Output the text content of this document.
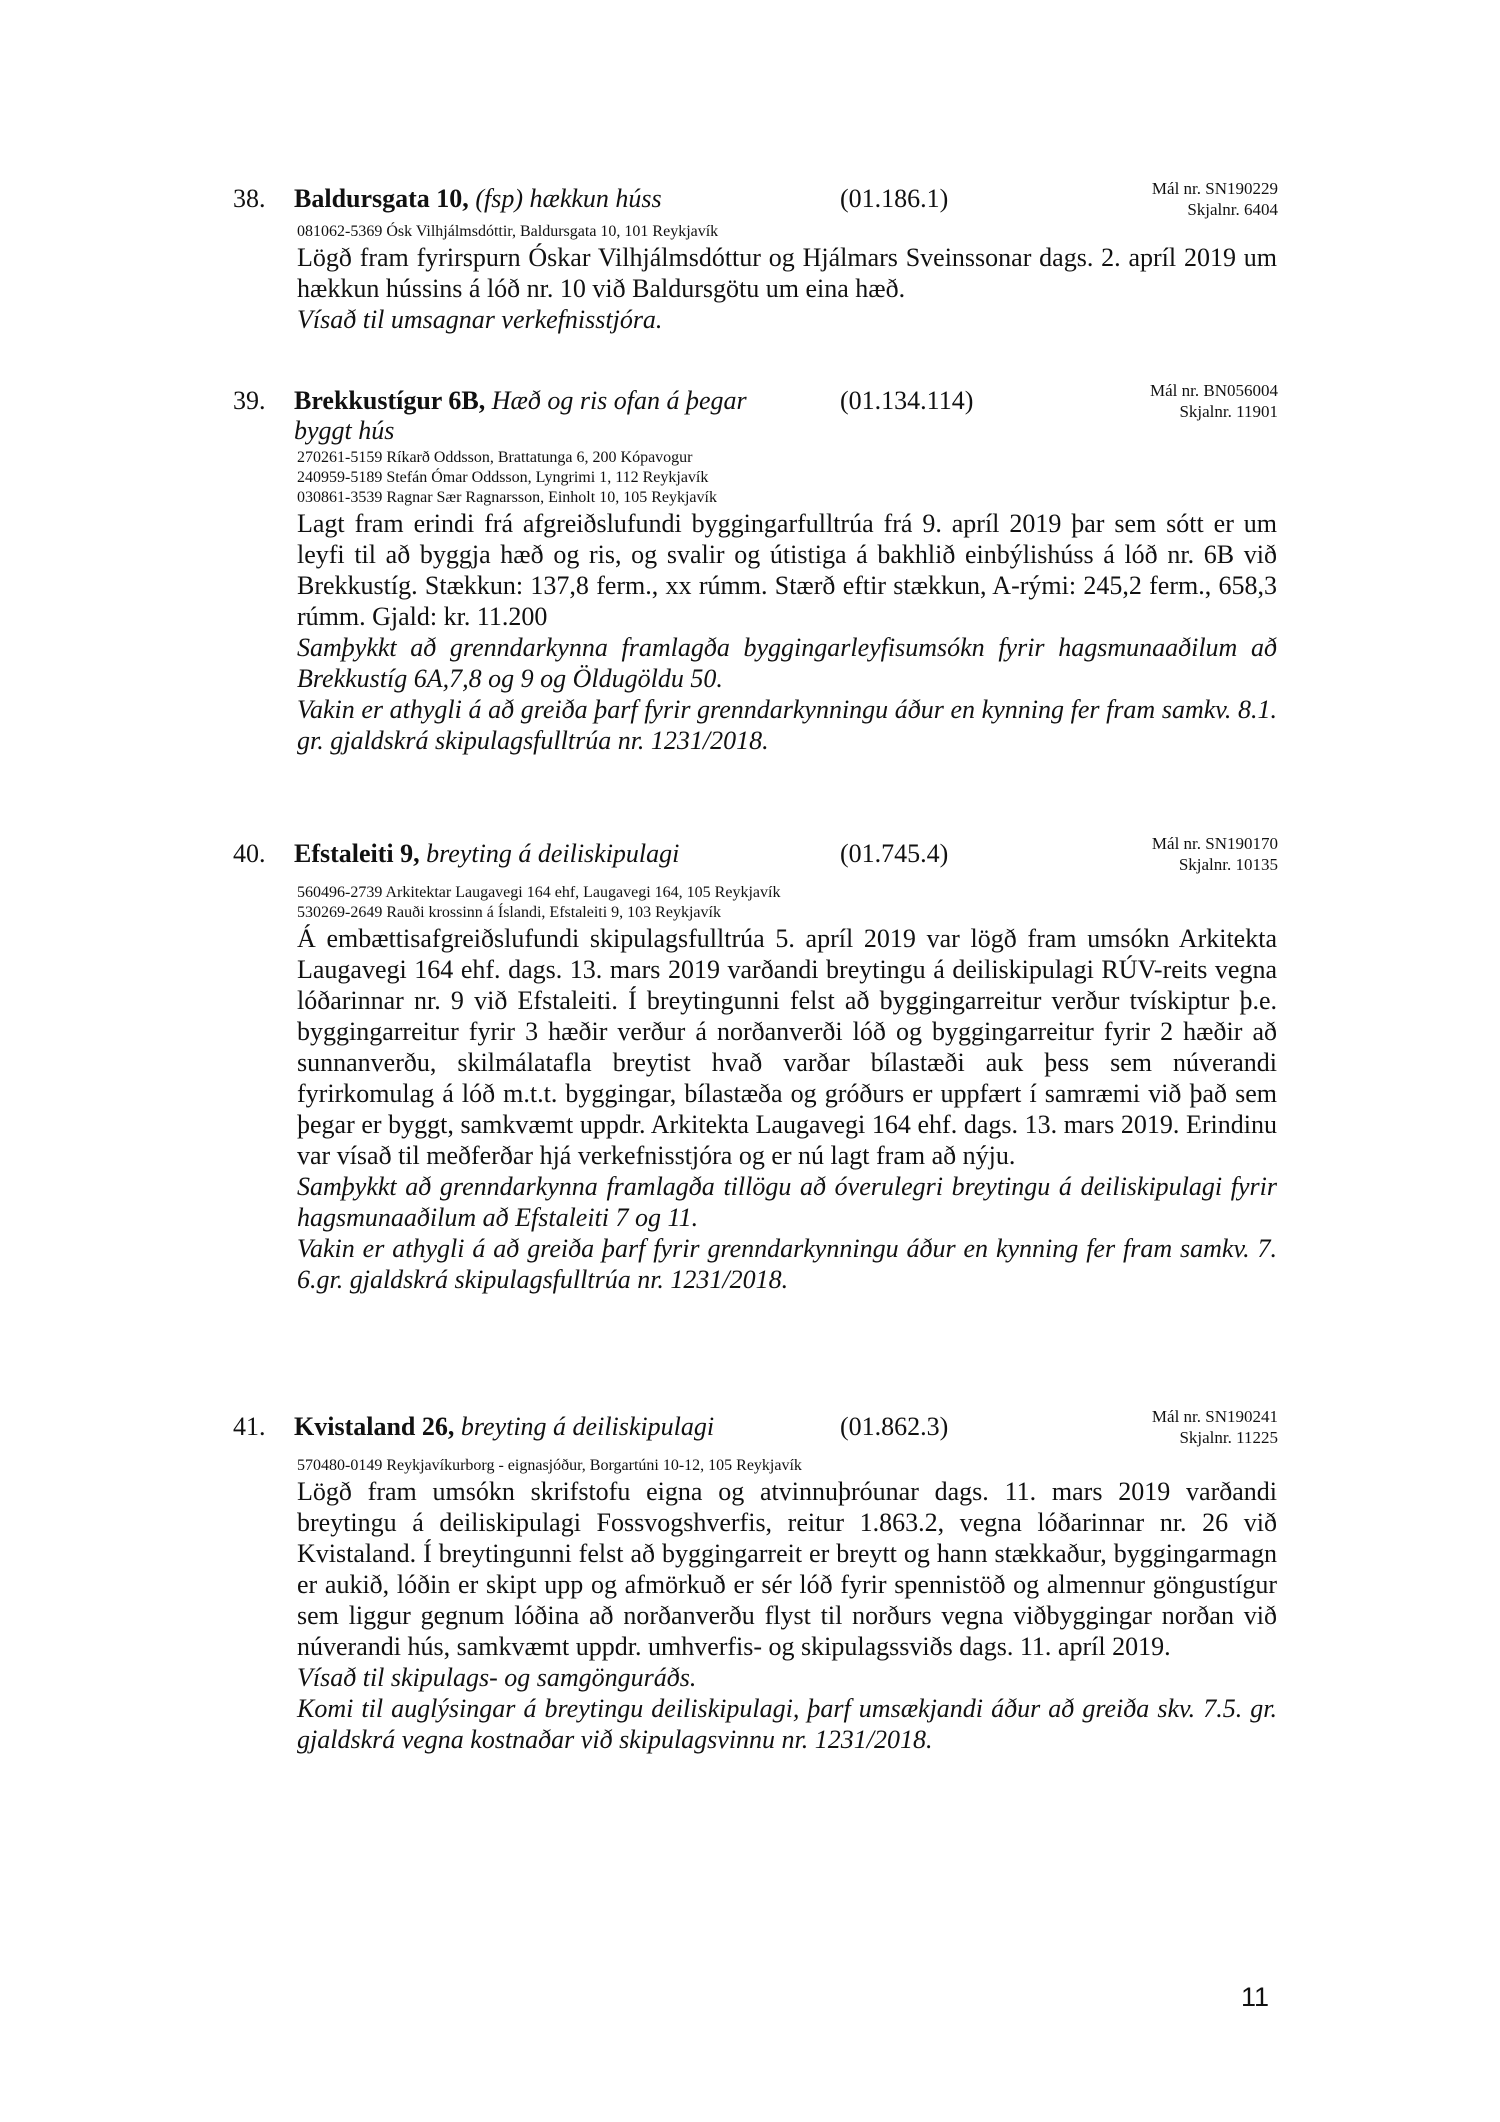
38. Baldursgata 10, (fsp) hækkun húss	(01.186.1)	Mál nr. SN190229
Skjalnr. 6404
081062-5369 Ósk Vilhjálmsdóttir, Baldursgata 10, 101 Reykjavík

Lögð fram fyrirspurn Óskar Vilhjálmsdóttur og Hjálmars Sveinssonar dags. 2. apríl 2019 um hækkun hússins á lóð nr. 10 við Baldursgötu um eina hæð.

Vísað til umsagnar verkefnisstjóra.

39. Brekkustígur 6B, Hæð og ris ofan á þegar byggt hús
(01.134.114)	Mál nr. BN056004
Skjalnr. 11901
270261-5159 Ríkarð Oddsson, Brattatunga 6, 200 Kópavogur
240959-5189 Stefán Ómar Oddsson, Lyngrimi 1, 112 Reykjavík
030861-3539 Ragnar Sær Ragnarsson, Einholt 10, 105 Reykjavík

Lagt fram erindi frá afgreiðslufundi byggingarfulltrúa frá 9. apríl 2019 þar sem sótt er um leyfi til að byggja hæð og ris, og svalir og útistiga á bakhlið einbýlishúss á lóð nr. 6B við Brekkustíg. Stækkun: 137,8 ferm., xx rúmm. Stærð eftir stækkun, A-rými: 245,2 ferm., 658,3 rúmm. Gjald: kr. 11.200

Samþykkt að grenndarkynna framlagða byggingarleyfisumsókn fyrir hagsmunaaðilum að Brekkustíg 6A,7,8 og 9 og Öldugöldu 50.

Vakin er athygli á að greiða þarf fyrir grenndarkynningu áður en kynning fer fram samkv. 8.1. gr. gjaldskrá skipulagsfulltrúa nr. 1231/2018.

40. Efstaleiti 9, breyting á deiliskipulagi	(01.745.4)	Mál nr. SN190170
Skjalnr. 10135
560496-2739 Arkitektar Laugavegi 164 ehf, Laugavegi 164, 105 Reykjavík
530269-2649 Rauði krossinn á Íslandi, Efstaleiti 9, 103 Reykjavík

Á embættisafgreiðslufundi skipulagsfulltrúa 5. apríl 2019 var lögð fram umsókn Arkitekta Laugavegi 164 ehf. dags. 13. mars 2019 varðandi breytingu á deiliskipulagi RÚV-reits vegna lóðarinnar nr. 9 við Efstaleiti. Í breytingunni felst að byggingarreitur verður tvískiptur þ.e. byggingarreitur fyrir 3 hæðir verður á norðanverði lóð og byggingarreitur fyrir 2 hæðir að sunnanverðu, skilmálatafla breytist hvað varðar bílastæði auk þess sem núverandi fyrirkomulag á lóð m.t.t. byggingar, bílastæða og gróðurs er uppfært í samræmi við það sem þegar er byggt, samkvæmt uppdr. Arkitekta Laugavegi 164 ehf. dags. 13. mars 2019. Erindinu var vísað til meðferðar hjá verkefnisstjóra og er nú lagt fram að nýju.

Samþykkt að grenndarkynna framlagða tillögu að óverulegri breytingu á deiliskipulagi fyrir hagsmunaaðilum að Efstaleiti 7 og 11.

Vakin er athygli á að greiða þarf fyrir grenndarkynningu áður en kynning fer fram samkv. 7. 6.gr. gjaldskrá skipulagsfulltrúa nr. 1231/2018.

41. Kvistaland 26, breyting á deiliskipulagi	(01.862.3)	Mál nr. SN190241
Skjalnr. 11225
570480-0149 Reykjavíkurborg - eignasjóður, Borgartúni 10-12, 105 Reykjavík

Lögð fram umsókn skrifstofu eigna og atvinnuþróunar dags. 11. mars 2019 varðandi breytingu á deiliskipulagi Fossvogshverfis, reitur 1.863.2, vegna lóðarinnar nr. 26 við Kvistaland. Í breytingunni felst að byggingarreit er breytt og hann stækkaður, byggingarmagn er aukið, lóðin er skipt upp og afmörkuð er sér lóð fyrir spennistöð og almennur göngustígur sem liggur gegnum lóðina að norðanverðu flyst til norðurs vegna viðbyggingar norðan við núverandi hús, samkvæmt uppdr. umhverfis- og skipulagssviðs dags. 11. apríl 2019.

Vísað til skipulags- og samgönguráðs.

Komi til auglýsingar á breytingu deiliskipulagi, þarf umsækjandi áður að greiða skv. 7.5. gr. gjaldskrá vegna kostnaðar við skipulagsvinnu nr. 1231/2018.

11
